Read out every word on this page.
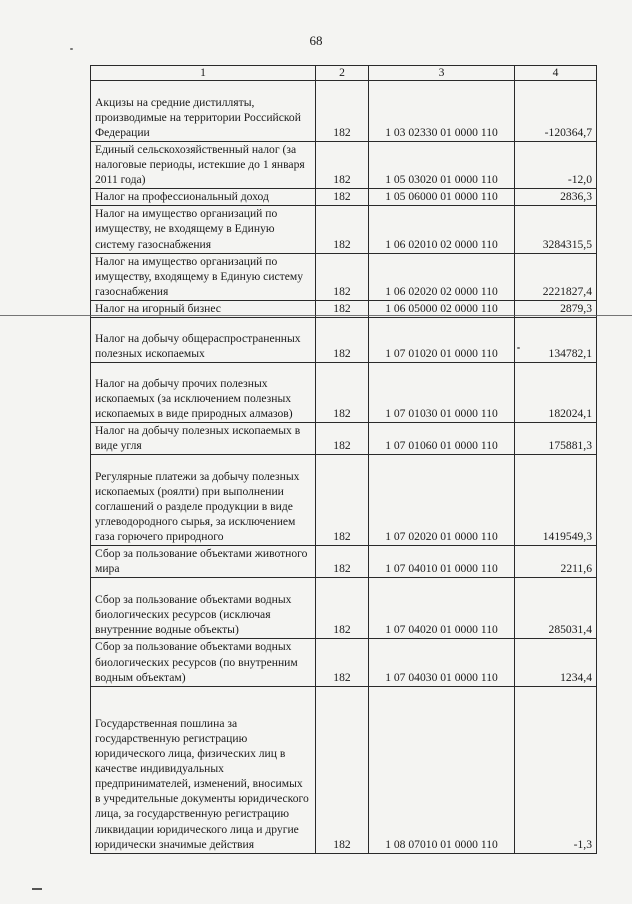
68
1	2	3	4
Акцизы на средние дистилляты, производимые на территории Российской Федерации	182	1 03 02330 01 0000 110	-120364,7
Единый сельскохозяйственный налог (за налоговые периоды, истекшие до 1 января 2011 года)	182	1 05 03020 01 0000 110	-12,0
Налог на профессиональный доход	182	1 05 06000 01 0000 110	2836,3
Налог на имущество организаций по имуществу, не входящему в Единую систему газоснабжения	182	1 06 02010 02 0000 110	3284315,5
Налог на имущество организаций по имуществу, входящему в Единую систему газоснабжения	182	1 06 02020 02 0000 110	2221827,4
Налог на игорный бизнес	182	1 06 05000 02 0000 110	2879,3
Налог на добычу общераспространенных полезных ископаемых	182	1 07 01020 01 0000 110	134782,1
Налог на добычу прочих полезных ископаемых (за исключением полезных ископаемых в виде природных алмазов)	182	1 07 01030 01 0000 110	182024,1
Налог на добычу полезных ископаемых в виде угля	182	1 07 01060 01 0000 110	175881,3
Регулярные платежи за добычу полезных ископаемых (роялти) при выполнении соглашений о разделе продукции в виде углеводородного сырья, за исключением газа горючего природного	182	1 07 02020 01 0000 110	1419549,3
Сбор за пользование объектами животного мира	182	1 07 04010 01 0000 110	2211,6
Сбор за пользование объектами водных биологических ресурсов (исключая внутренние водные объекты)	182	1 07 04020 01 0000 110	285031,4
Сбор за пользование объектами водных биологических ресурсов (по внутренним водным объектам)	182	1 07 04030 01 0000 110	1234,4
Государственная пошлина за государственную регистрацию юридического лица, физических лиц в качестве индивидуальных предпринимателей, изменений, вносимых в учредительные документы юридического лица, за государственную регистрацию ликвидации юридического лица и другие юридически значимые действия	182	1 08 07010 01 0000 110	-1,3
